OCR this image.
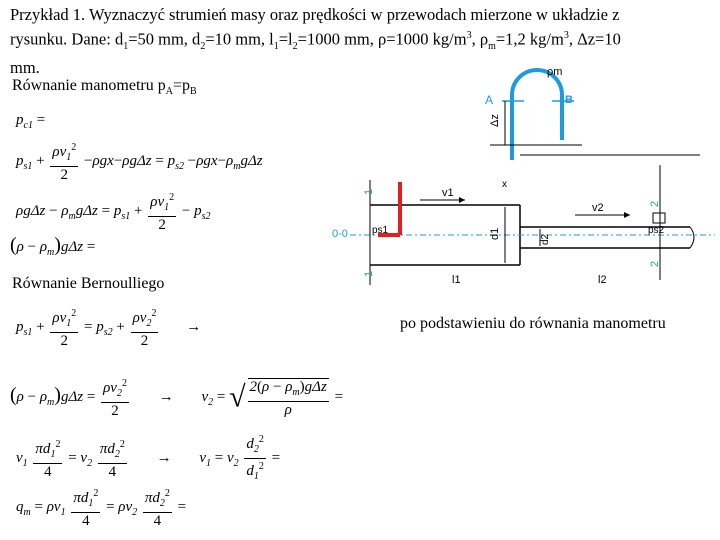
Przykład 1. Wyznaczyć strumień masy oraz prędkości w przewodach mierzone w układzie z
rysunku. Dane: $d_1=50$ mm, $d_2=10$ mm, $l_1=l_2=1000$ mm, ρ=1000 $kg/m^3$, $\rho_m=1,2$ $kg/m^3$, Δz=10
mm.
Równanie manometru $p_A=p_B$
$p_{c1}$ =
$p_{s1} + \frac{\rho v_1^2}{2} -\rho gx-\rho g\Delta z = p_{s2} -\rho gx-\rho_mg\Delta z$
$\rho g\Delta z - \rho_mg\Delta z = p_{s1} + \frac{\rho v_1^2}{2} - p_{s2}$
$(\rho - \rho_m)g\Delta z$ =
Równanie Bernoulliego
$p_{s1} + \frac{\rho v_1^2}{2} = p_{s2} + \frac{\rho v_2^2}{2}$ →	po podstawieniu do równania manometru
$(\rho - \rho_m)g\Delta z = \frac{\rho v_2^2}{2} \to v_2$ = √ $\frac{2(\rho - \rho_m)g\Delta z}{\rho}$ =
$v_1 \frac{\pi d_1^2}{4} = v_2 \frac{\pi d_2^2}{4} \to v_1 = v_2 \frac{d_2^2}{d_1^2}$ =
$q_m = \rho v_1 \frac{\pi d_1^2}{4} = \rho v_2 \frac{\pi d_2^2}{4}$ =
ρm
A	B
Δz
0-0
1
1
2
2
v1
v2
x
d1	d2
ps1	ps2
l1	l2
